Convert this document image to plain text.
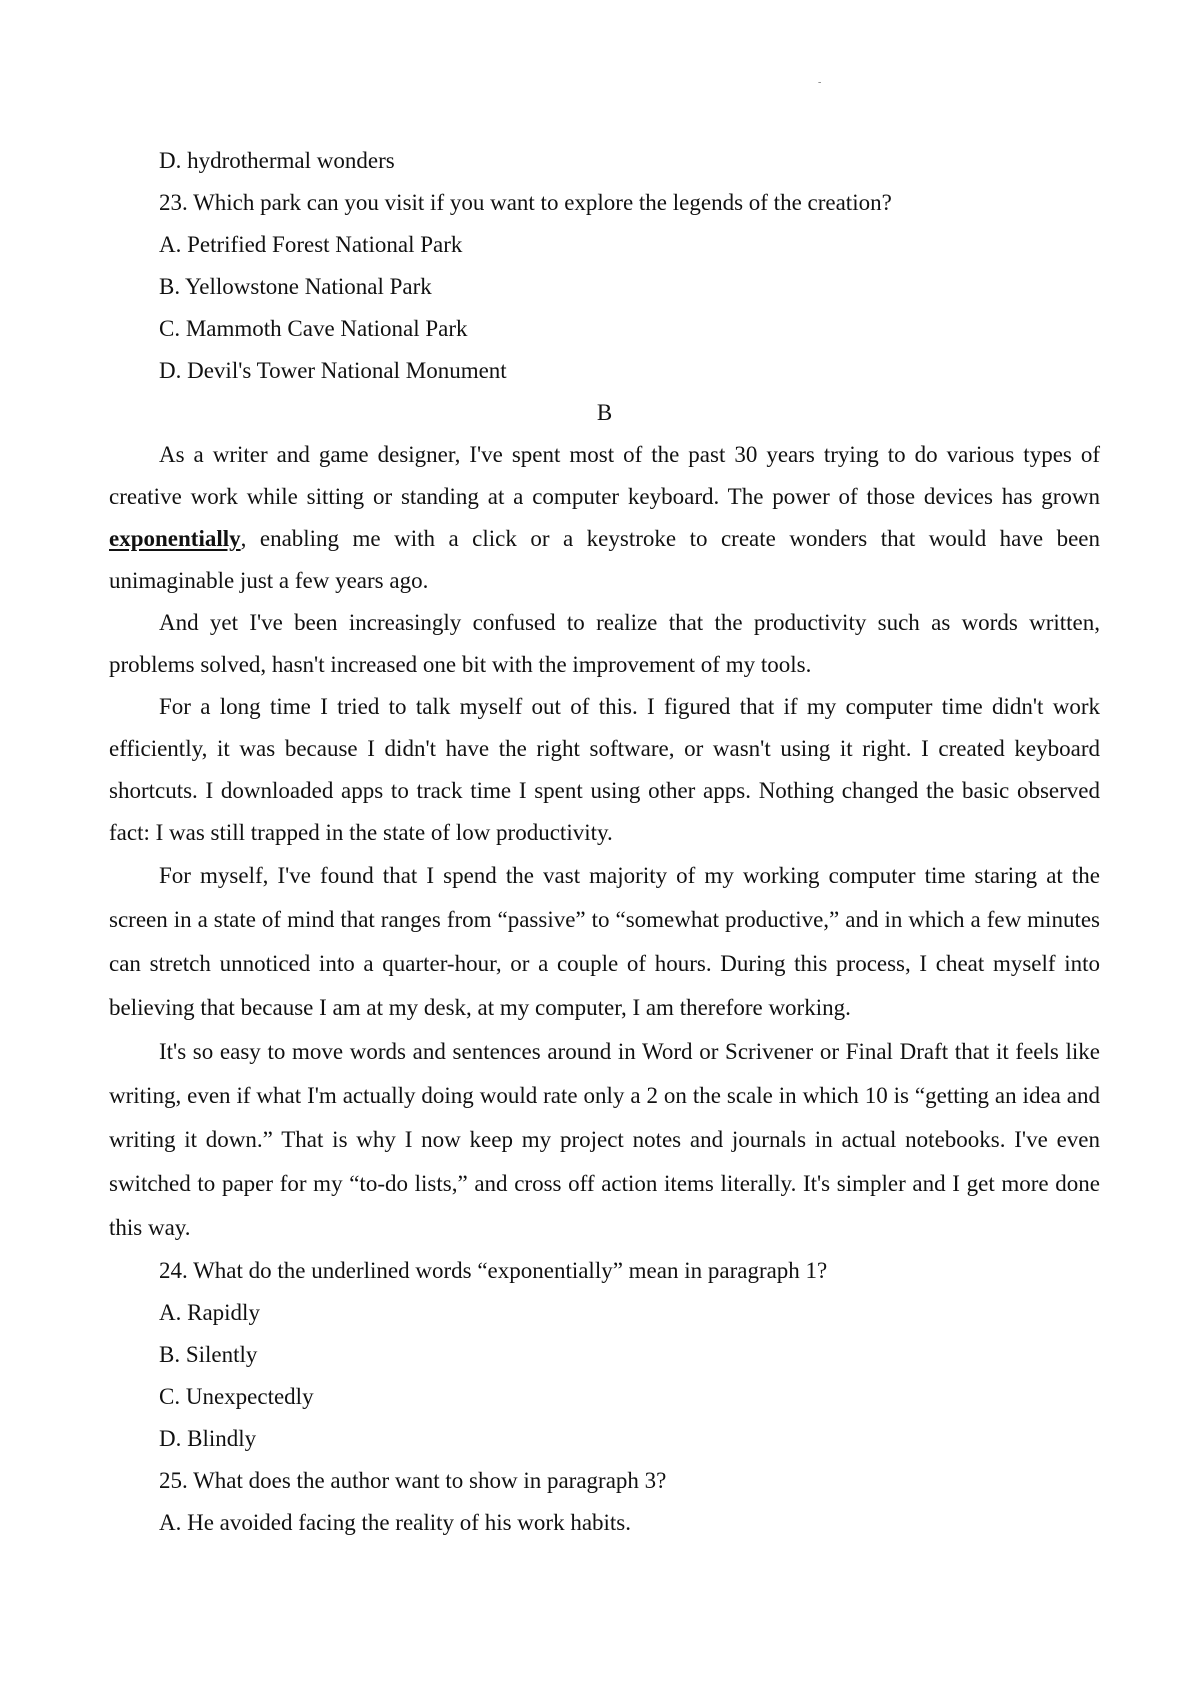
-

D. hydrothermal wonders

23. Which park can you visit if you want to explore the legends of the creation?

A. Petrified Forest National Park

B. Yellowstone National Park

C. Mammoth Cave National Park

D. Devil's Tower National Monument

B

As a writer and game designer, I've spent most of the past 30 years trying to do various types of creative work while sitting or standing at a computer keyboard. The power of those devices has grown exponentially, enabling me with a click or a keystroke to create wonders that would have been unimaginable just a few years ago.

And yet I've been increasingly confused to realize that the productivity such as words written, problems solved, hasn't increased one bit with the improvement of my tools.

For a long time I tried to talk myself out of this. I figured that if my computer time didn't work efficiently, it was because I didn't have the right software, or wasn't using it right. I created keyboard shortcuts. I downloaded apps to track time I spent using other apps. Nothing changed the basic observed fact: I was still trapped in the state of low productivity.

For myself, I've found that I spend the vast majority of my working computer time staring at the screen in a state of mind that ranges from “passive” to “somewhat productive,” and in which a few minutes can stretch unnoticed into a quarter-hour, or a couple of hours. During this process, I cheat myself into believing that because I am at my desk, at my computer, I am therefore working.

It's so easy to move words and sentences around in Word or Scrivener or Final Draft that it feels like writing, even if what I'm actually doing would rate only a 2 on the scale in which 10 is “getting an idea and writing it down.” That is why I now keep my project notes and journals in actual notebooks. I've even switched to paper for my “to-do lists,” and cross off action items literally. It's simpler and I get more done this way.

24. What do the underlined words “exponentially” mean in paragraph 1?

A. Rapidly

B. Silently

C. Unexpectedly

D. Blindly

25. What does the author want to show in paragraph 3?

A. He avoided facing the reality of his work habits.
